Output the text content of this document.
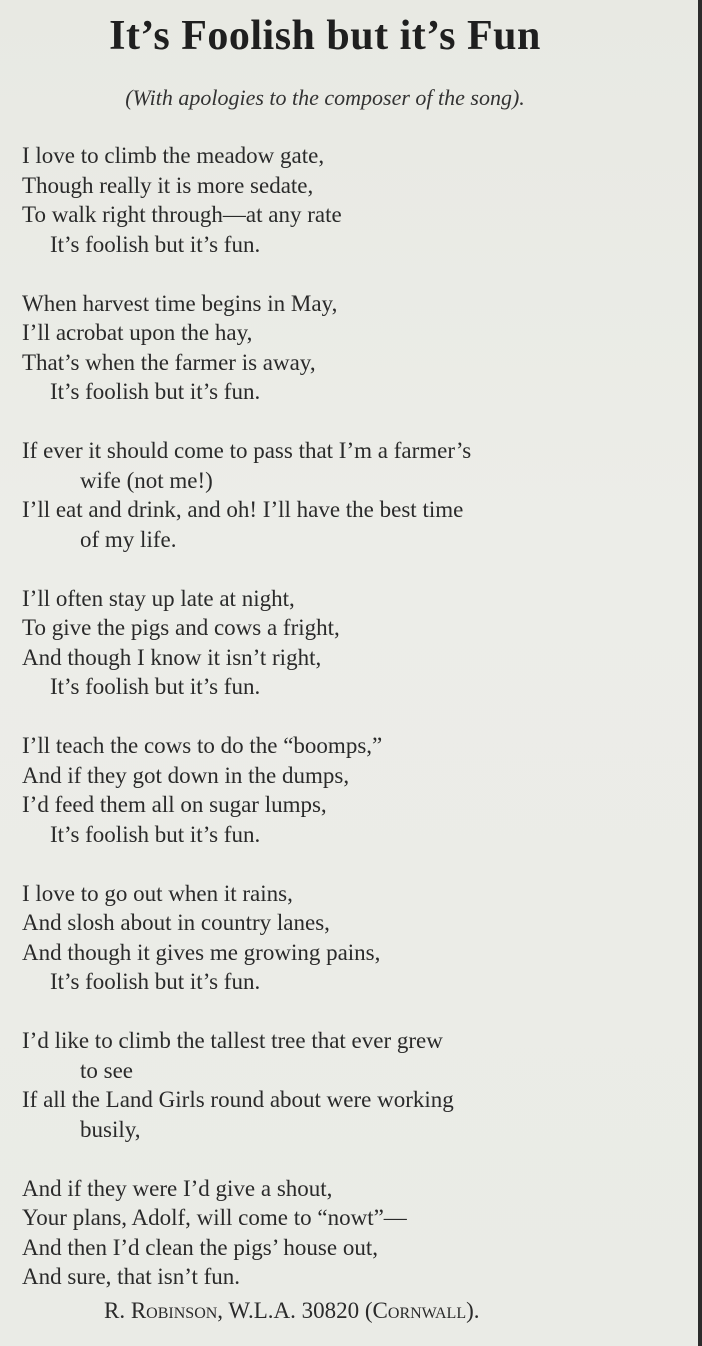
It’s Foolish but it’s Fun
(With apologies to the composer of the song).
I love to climb the meadow gate,
Though really it is more sedate,
To walk right through—at any rate
It’s foolish but it’s fun.
When harvest time begins in May,
I’ll acrobat upon the hay,
That’s when the farmer is away,
It’s foolish but it’s fun.
If ever it should come to pass that I’m a farmer’s
wife (not me!)
I’ll eat and drink, and oh! I’ll have the best time
of my life.
I’ll often stay up late at night,
To give the pigs and cows a fright,
And though I know it isn’t right,
It’s foolish but it’s fun.
I’ll teach the cows to do the “boomps,”
And if they got down in the dumps,
I’d feed them all on sugar lumps,
It’s foolish but it’s fun.
I love to go out when it rains,
And slosh about in country lanes,
And though it gives me growing pains,
It’s foolish but it’s fun.
I’d like to climb the tallest tree that ever grew
to see
If all the Land Girls round about were working
busily,
And if they were I’d give a shout,
Your plans, Adolf, will come to “nowt”—
And then I’d clean the pigs’ house out,
And sure, that isn’t fun.
R. Robinson, W.L.A. 30820 (Cornwall).
